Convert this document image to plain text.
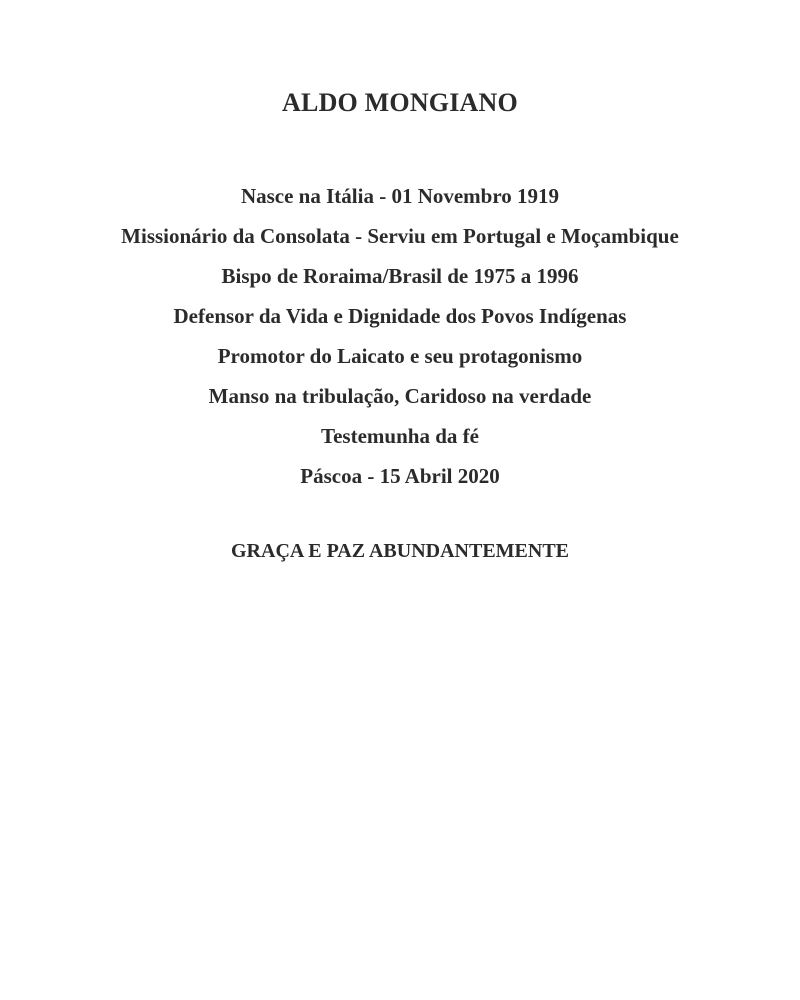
ALDO MONGIANO
Nasce na Itália - 01 Novembro 1919
Missionário da Consolata - Serviu em Portugal e Moçambique
Bispo de Roraima/Brasil de 1975 a 1996
Defensor da Vida e Dignidade dos Povos Indígenas
Promotor do Laicato e seu protagonismo
Manso na tribulação, Caridoso na verdade
Testemunha da fé
Páscoa - 15 Abril 2020

GRAÇA E PAZ ABUNDANTEMENTE
